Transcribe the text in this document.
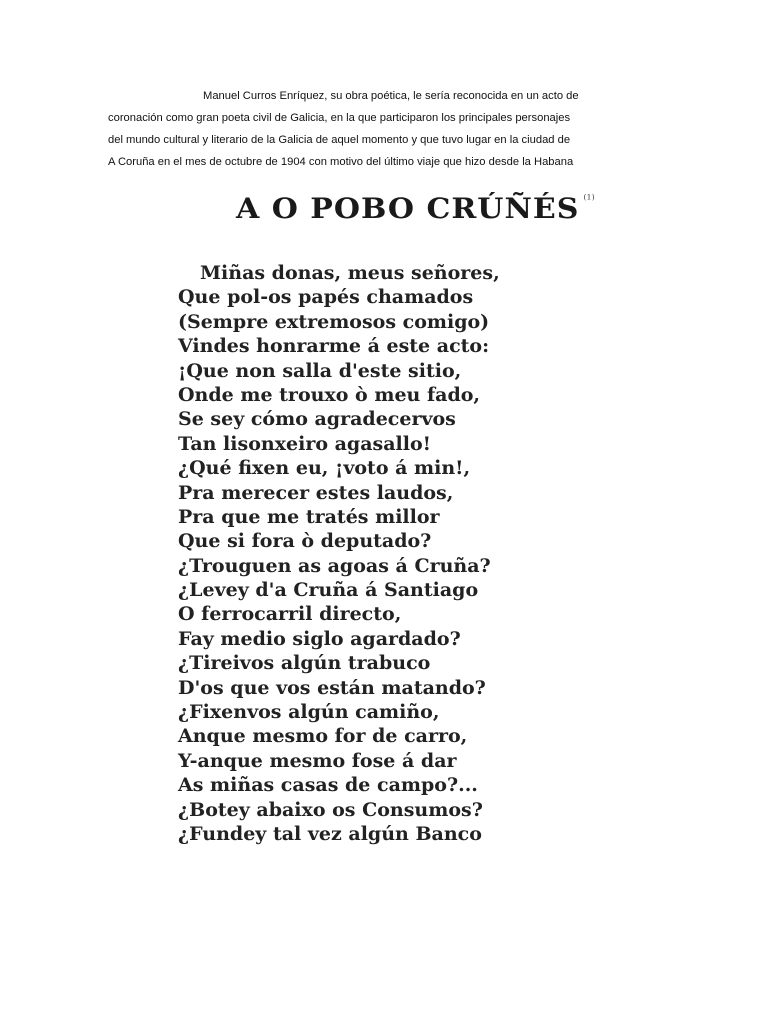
Manuel Curros Enríquez, su obra poética, le sería reconocida en un acto de
coronación como gran poeta civil de Galicia, en la que participaron los principales personajes
del mundo cultural y literario de la Galicia de aquel momento y que tuvo lugar en la ciudad de
A Coruña en el mes de octubre de 1904 con motivo del último viaje que hizo desde la Habana

A O POBO CRÚÑÉS $^{(1)}$
Miñas donas, meus señores,
Que pol-os papés chamados
(Sempre extremosos comigo)
Vindes honrarme á este acto:
¡Que non salla d'este sitio,
Onde me trouxo ò meu fado,
Se sey cómo agradecervos
Tan lisonxeiro agasallo!
¿Qué fixen eu, ¡voto á min!,
Pra merecer estes laudos,
Pra que me tratés millor
Que si fora ò deputado?
¿Trouguen as agoas á Cruña?
¿Levey d'a Cruña á Santiago
O ferrocarril directo,
Fay medio siglo agardado?
¿Tireivos algún trabuco
D'os que vos están matando?
¿Fixenvos algún camiño,
Anque mesmo for de carro,
Y-anque mesmo fose á dar
As miñas casas de campo?...
¿Botey abaixo os Consumos?
¿Fundey tal vez algún Banco
